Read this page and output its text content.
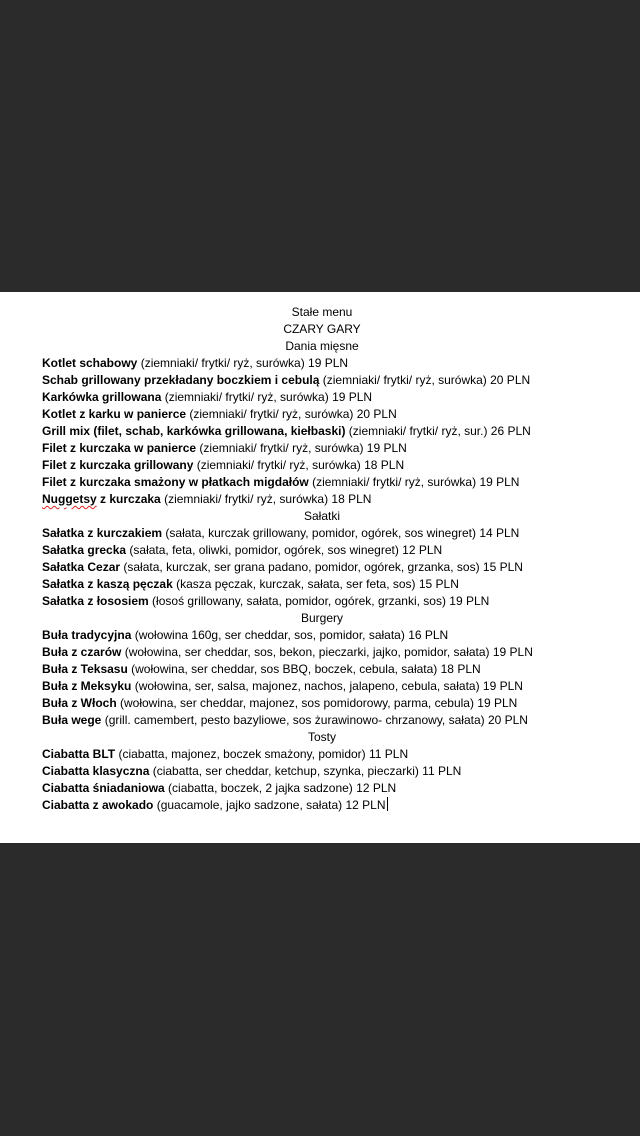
Stałe menu
CZARY GARY
Dania mięsne
Kotlet schabowy (ziemniaki/ frytki/ ryż, surówka) 19 PLN
Schab grillowany przekładany boczkiem i cebulą (ziemniaki/ frytki/ ryż, surówka) 20 PLN
Karkówka grillowana (ziemniaki/ frytki/ ryż, surówka) 19 PLN
Kotlet z karku w panierce (ziemniaki/ frytki/ ryż, surówka) 20 PLN
Grill mix (filet, schab, karkówka grillowana, kiełbaski) (ziemniaki/ frytki/ ryż, sur.) 26 PLN
Filet z kurczaka w panierce (ziemniaki/ frytki/ ryż, surówka) 19 PLN
Filet z kurczaka grillowany (ziemniaki/ frytki/ ryż, surówka) 18 PLN
Filet z kurczaka smażony w płatkach migdałów (ziemniaki/ frytki/ ryż, surówka) 19 PLN
Nuggetsy z kurczaka (ziemniaki/ frytki/ ryż, surówka) 18 PLN
Sałatki
Sałatka z kurczakiem (sałata, kurczak grillowany, pomidor, ogórek, sos winegret) 14 PLN
Sałatka grecka (sałata, feta, oliwki, pomidor, ogórek, sos winegret) 12 PLN
Sałatka Cezar (sałata, kurczak, ser grana padano, pomidor, ogórek, grzanka, sos) 15 PLN
Sałatka z kaszą pęczak (kasza pęczak, kurczak, sałata, ser feta, sos) 15 PLN
Sałatka z łososiem (łosoś grillowany, sałata, pomidor, ogórek, grzanki, sos) 19 PLN
Burgery
Buła tradycyjna (wołowina 160g, ser cheddar, sos, pomidor, sałata) 16 PLN
Buła z czarów (wołowina, ser cheddar, sos, bekon, pieczarki, jajko, pomidor, sałata) 19 PLN
Buła z Teksasu (wołowina, ser cheddar, sos BBQ, boczek, cebula, sałata) 18 PLN
Buła z Meksyku (wołowina, ser, salsa, majonez, nachos, jalapeno, cebula, sałata) 19 PLN
Buła z Włoch (wołowina, ser cheddar, majonez, sos pomidorowy, parma, cebula) 19 PLN
Buła wege (grill. camembert, pesto bazyliowe, sos żurawinowo- chrzanowy, sałata) 20 PLN
Tosty
Ciabatta BLT (ciabatta, majonez, boczek smażony, pomidor) 11 PLN
Ciabatta klasyczna (ciabatta, ser cheddar, ketchup, szynka, pieczarki) 11 PLN
Ciabatta śniadaniowa (ciabatta, boczek, 2 jajka sadzone) 12 PLN
Ciabatta z awokado (guacamole, jajko sadzone, sałata) 12 PLN
